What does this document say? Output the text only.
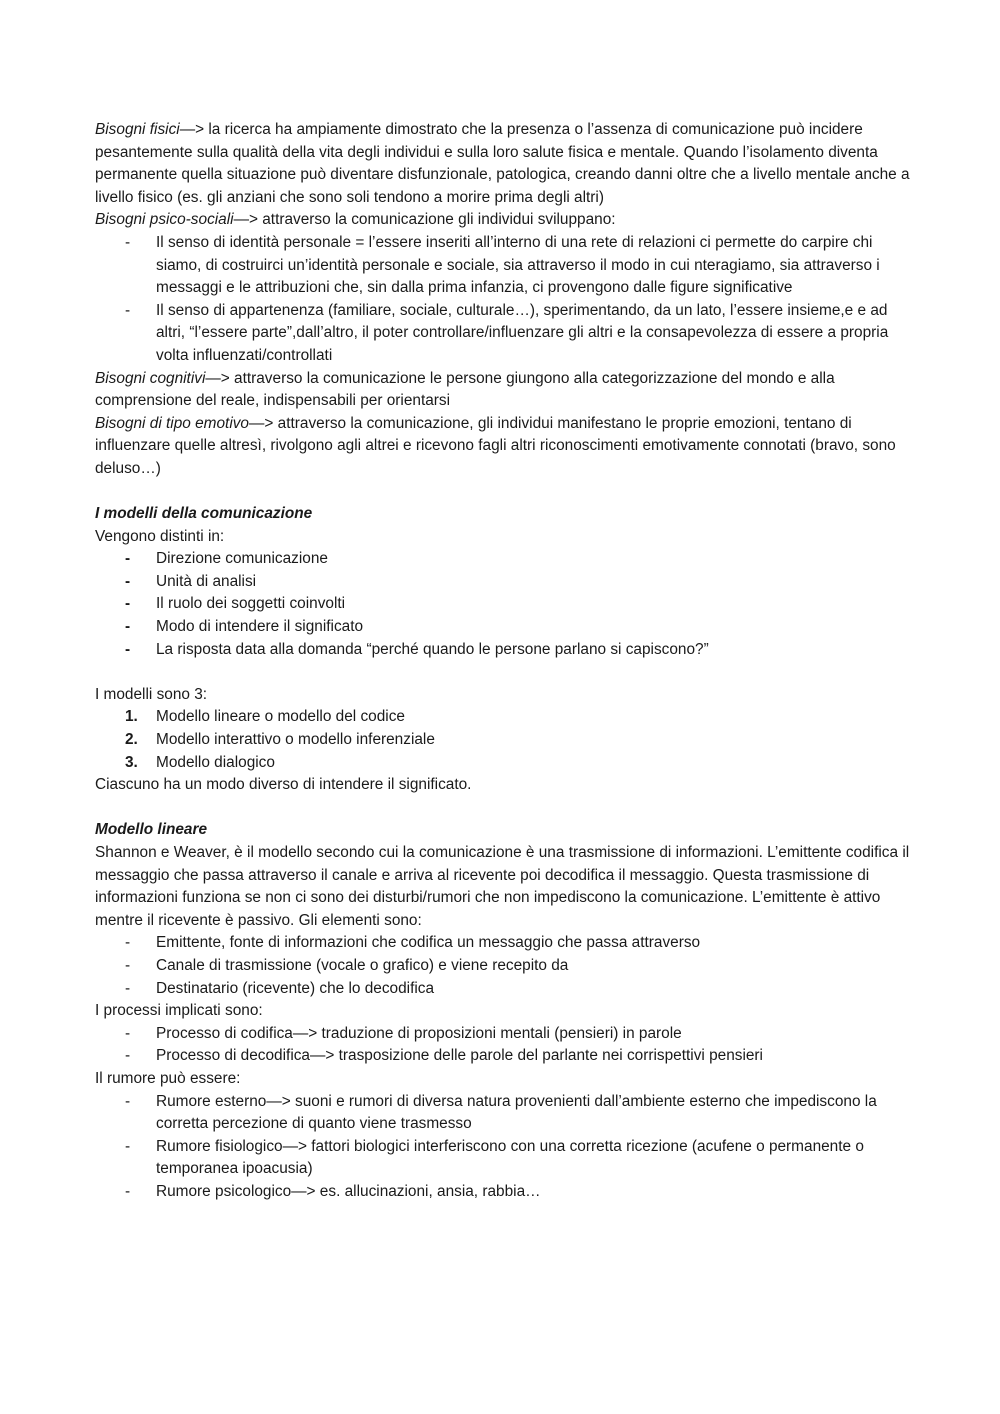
Bisogni fisici—> la ricerca ha ampiamente dimostrato che la presenza o l’assenza di comunicazione può incidere pesantemente sulla qualità della vita degli individui e sulla loro salute fisica e mentale. Quando l’isolamento diventa permanente quella situazione può diventare disfunzionale, patologica, creando danni oltre che a livello mentale anche a livello fisico (es. gli anziani che sono soli tendono a morire prima degli altri)

Bisogni psico-sociali—> attraverso la comunicazione gli individui sviluppano:

- Il senso di identità personale = l’essere inseriti all’interno di una rete di relazioni ci permette do carpire chi siamo, di costruirci un’identità personale e sociale, sia attraverso il modo in cui nteragiamo, sia attraverso i messaggi e le attribuzioni che, sin dalla prima infanzia, ci provengono dalle figure significative
- Il senso di appartenenza (familiare, sociale, culturale…), sperimentando, da un lato, l’essere insieme,e e ad altri, “l’essere parte”,dall’altro, il poter controllare/influenzare gli altri e la consapevolezza di essere a propria volta influenzati/controllati

Bisogni cognitivi—> attraverso la comunicazione le persone giungono alla categorizzazione del mondo e alla comprensione del reale, indispensabili per orientarsi

Bisogni di tipo emotivo—> attraverso la comunicazione, gli individui manifestano le proprie emozioni, tentano di influenzare quelle altresì, rivolgono agli altrei e ricevono fagli altri riconoscimenti emotivamente connotati (bravo, sono deluso…)

I modelli della comunicazione

Vengono distinti in:

- Direzione comunicazione
- Unità di analisi
- Il ruolo dei soggetti coinvolti
- Modo di intendere il significato
- La risposta data alla domanda “perché quando le persone parlano si capiscono?”

I modelli sono 3:

1. Modello lineare o modello del codice
2. Modello interattivo o modello inferenziale
3. Modello dialogico

Ciascuno ha un modo diverso di intendere il significato.

Modello lineare

Shannon e Weaver, è il modello secondo cui la comunicazione è una trasmissione di informazioni. L’emittente codifica il messaggio che passa attraverso il canale e arriva al ricevente poi decodifica il messaggio. Questa trasmissione di informazioni funziona se non ci sono dei disturbi/rumori che non impediscono la comunicazione. L’emittente è attivo mentre il ricevente è passivo. Gli elementi sono:

- Emittente, fonte di informazioni che codifica un messaggio che passa attraverso
- Canale di trasmissione (vocale o grafico) e viene recepito da
- Destinatario (ricevente) che lo decodifica

I processi implicati sono:

- Processo di codifica—> traduzione di proposizioni mentali (pensieri) in parole
- Processo di decodifica—> trasposizione delle parole del parlante nei corrispettivi pensieri

Il rumore può essere:

- Rumore esterno—> suoni e rumori di diversa natura provenienti dall’ambiente esterno che impediscono la corretta percezione di quanto viene trasmesso
- Rumore fisiologico—> fattori biologici interferiscono con una corretta ricezione (acufene o permanente o temporanea ipoacusia)
- Rumore psicologico—> es. allucinazioni, ansia, rabbia…
